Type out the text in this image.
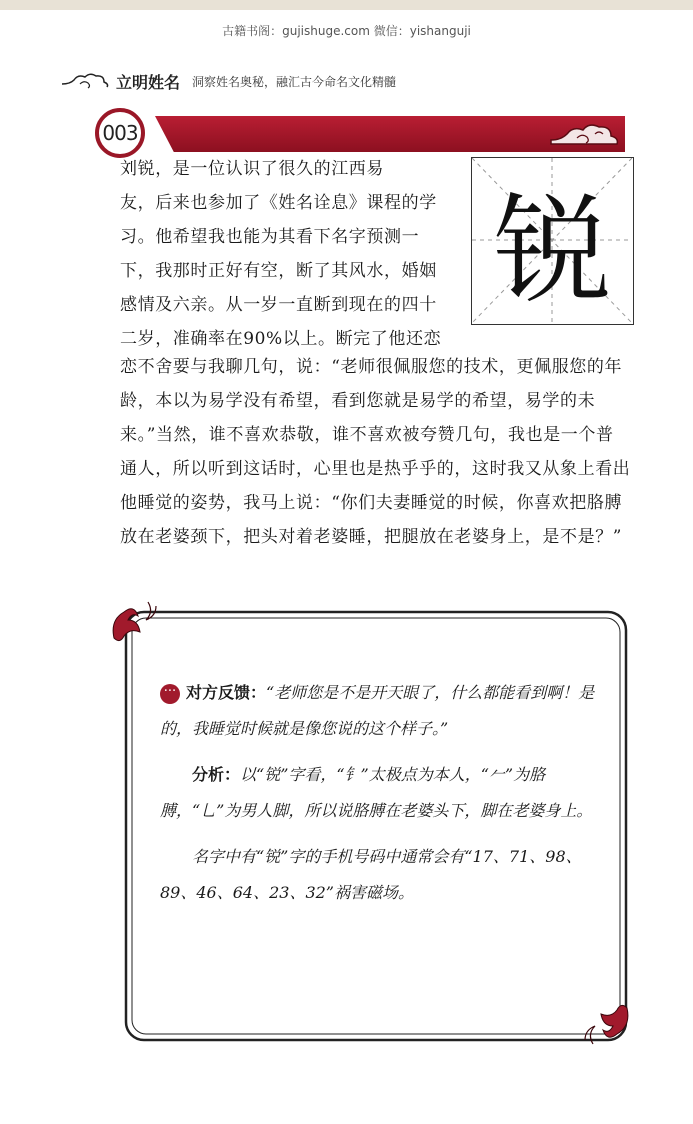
古籍书阁：gujishuge.com 微信：yishanguji
立明姓名 洞察姓名奥秘，融汇古今命名文化精髓
003
锐

刘锐，是一位认识了很久的江西易

友，后来也参加了《姓名诠息》课程的学

习。他希望我也能为其看下名字预测一

下，我那时正好有空，断了其风水，婚姻

感情及六亲。从一岁一直断到现在的四十

二岁，准确率在90%以上。断完了他还恋

恋不舍要与我聊几句，说：“老师很佩服您的技术，更佩服您的年

龄，本以为易学没有希望，看到您就是易学的希望，易学的未

来。”当然，谁不喜欢恭敬，谁不喜欢被夸赞几句，我也是一个普

通人，所以听到这话时，心里也是热乎乎的，这时我又从象上看出

他睡觉的姿势，我马上说：“你们夫妻睡觉的时候，你喜欢把胳膊

放在老婆颈下，把头对着老婆睡，把腿放在老婆身上，是不是？”

··· 对方反馈：“老师您是不是开天眼了，什么都能看到啊！是的，我睡觉时候就是像您说的这个样子。”

分析：以“锐”字看，“钅”太极点为本人，“𠂉”为胳膊，“乚”为男人脚，所以说胳膊在老婆头下，脚在老婆身上。

名字中有“锐”字的手机号码中通常会有“17、71、98、89、46、64、23、32”祸害磁场。
